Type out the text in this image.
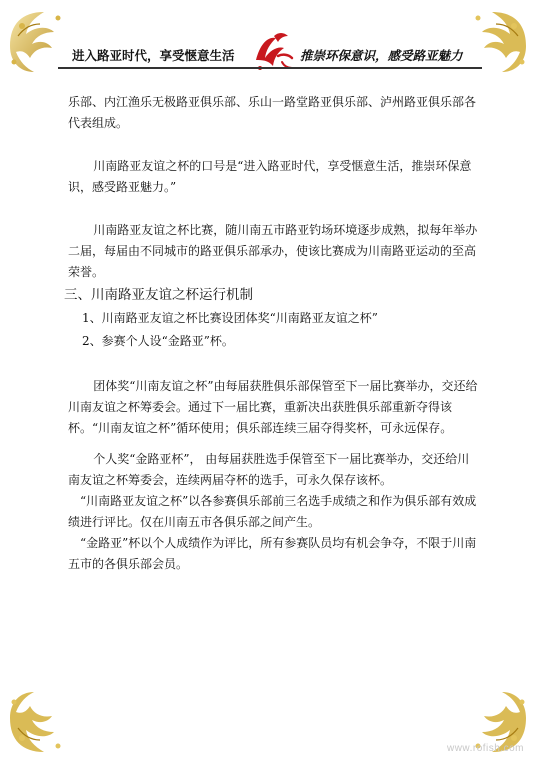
进入路亚时代，享受惬意生活	推崇环保意识，感受路亚魅力

乐部、内江渔乐无极路亚俱乐部、乐山一路堂路亚俱乐部、泸州路亚俱乐部各代表组成。

川南路亚友谊之杯的口号是“进入路亚时代，享受惬意生活，推崇环保意识，感受路亚魅力。”

川南路亚友谊之杯比赛，随川南五市路亚钓场环境逐步成熟，拟每年举办二届，每届由不同城市的路亚俱乐部承办，使该比赛成为川南路亚运动的至高荣誉。

三、川南路亚友谊之杯运行机制

1、川南路亚友谊之杯比赛设团体奖“川南路亚友谊之杯”

2、参赛个人设“金路亚”杯。

团体奖“川南友谊之杯”由每届获胜俱乐部保管至下一届比赛举办，交还给川南友谊之杯筹委会。通过下一届比赛，重新决出获胜俱乐部重新夺得该杯。“川南友谊之杯”循环使用；俱乐部连续三届夺得奖杯，可永远保存。

个人奖“金路亚杯”， 由每届获胜选手保管至下一届比赛举办，交还给川南友谊之杯筹委会，连续两届夺杯的选手，可永久保存该杯。

“川南路亚友谊之杯”以各参赛俱乐部前三名选手成绩之和作为俱乐部有效成绩进行评比。仅在川南五市各俱乐部之间产生。

“金路亚”杯以个人成绩作为评比，所有参赛队员均有机会争夺，不限于川南五市的各俱乐部会员。

www.rofish.com
